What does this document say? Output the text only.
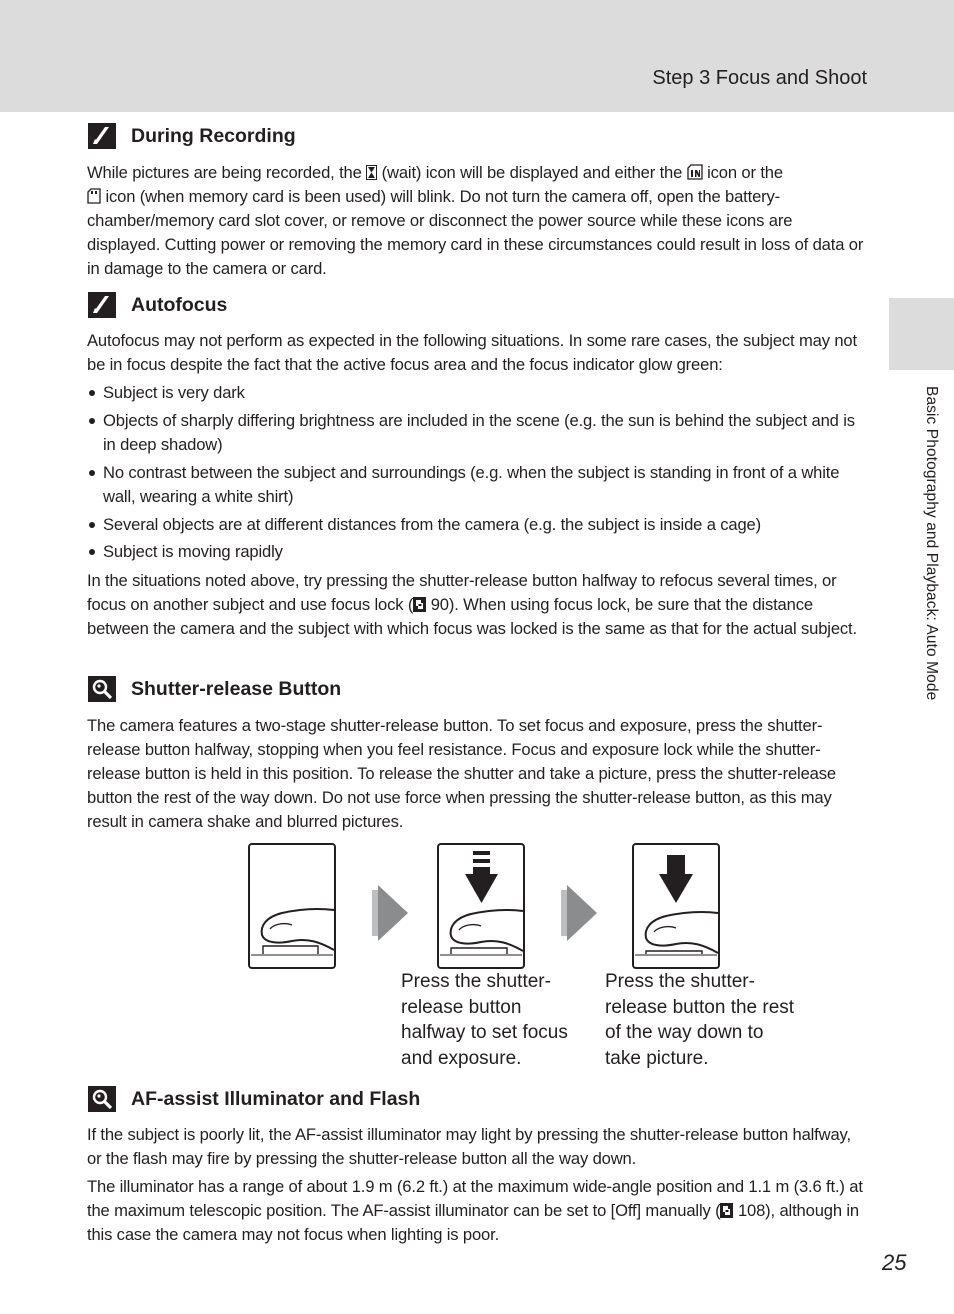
Step 3 Focus and Shoot
Basic Photography and Playback: Auto Mode
During Recording

While pictures are being recorded, the (wait) icon will be displayed and either the icon or the
icon (when memory card is been used) will blink. Do not turn the camera off, open the battery-chamber/memory card slot cover, or remove or disconnect the power source while these icons are displayed. Cutting power or removing the memory card in these circumstances could result in loss of data or in damage to the camera or card.

Autofocus

Autofocus may not perform as expected in the following situations. In some rare cases, the subject may not be in focus despite the fact that the active focus area and the focus indicator glow green:

Subject is very dark
Objects of sharply differing brightness are included in the scene (e.g. the sun is behind the subject and is in deep shadow)
No contrast between the subject and surroundings (e.g. when the subject is standing in front of a white wall, wearing a white shirt)
Several objects are at different distances from the camera (e.g. the subject is inside a cage)
Subject is moving rapidly

In the situations noted above, try pressing the shutter-release button halfway to refocus several times, or focus on another subject and use focus lock ( 90). When using focus lock, be sure that the distance between the camera and the subject with which focus was locked is the same as that for the actual subject.

Shutter-release Button

The camera features a two-stage shutter-release button. To set focus and exposure, press the shutter-release button halfway, stopping when you feel resistance. Focus and exposure lock while the shutter-release button is held in this position. To release the shutter and take a picture, press the shutter-release button the rest of the way down. Do not use force when pressing the shutter-release button, as this may result in camera shake and blurred pictures.

Press the shutter-release button halfway to set focus and exposure.

Press the shutter-release button the rest of the way down to take picture.

AF-assist Illuminator and Flash

If the subject is poorly lit, the AF-assist illuminator may light by pressing the shutter-release button halfway, or the flash may fire by pressing the shutter-release button all the way down.

The illuminator has a range of about 1.9 m (6.2 ft.) at the maximum wide-angle position and 1.1 m (3.6 ft.) at the maximum telescopic position. The AF-assist illuminator can be set to [Off] manually ( 108), although in this case the camera may not focus when lighting is poor.

25
